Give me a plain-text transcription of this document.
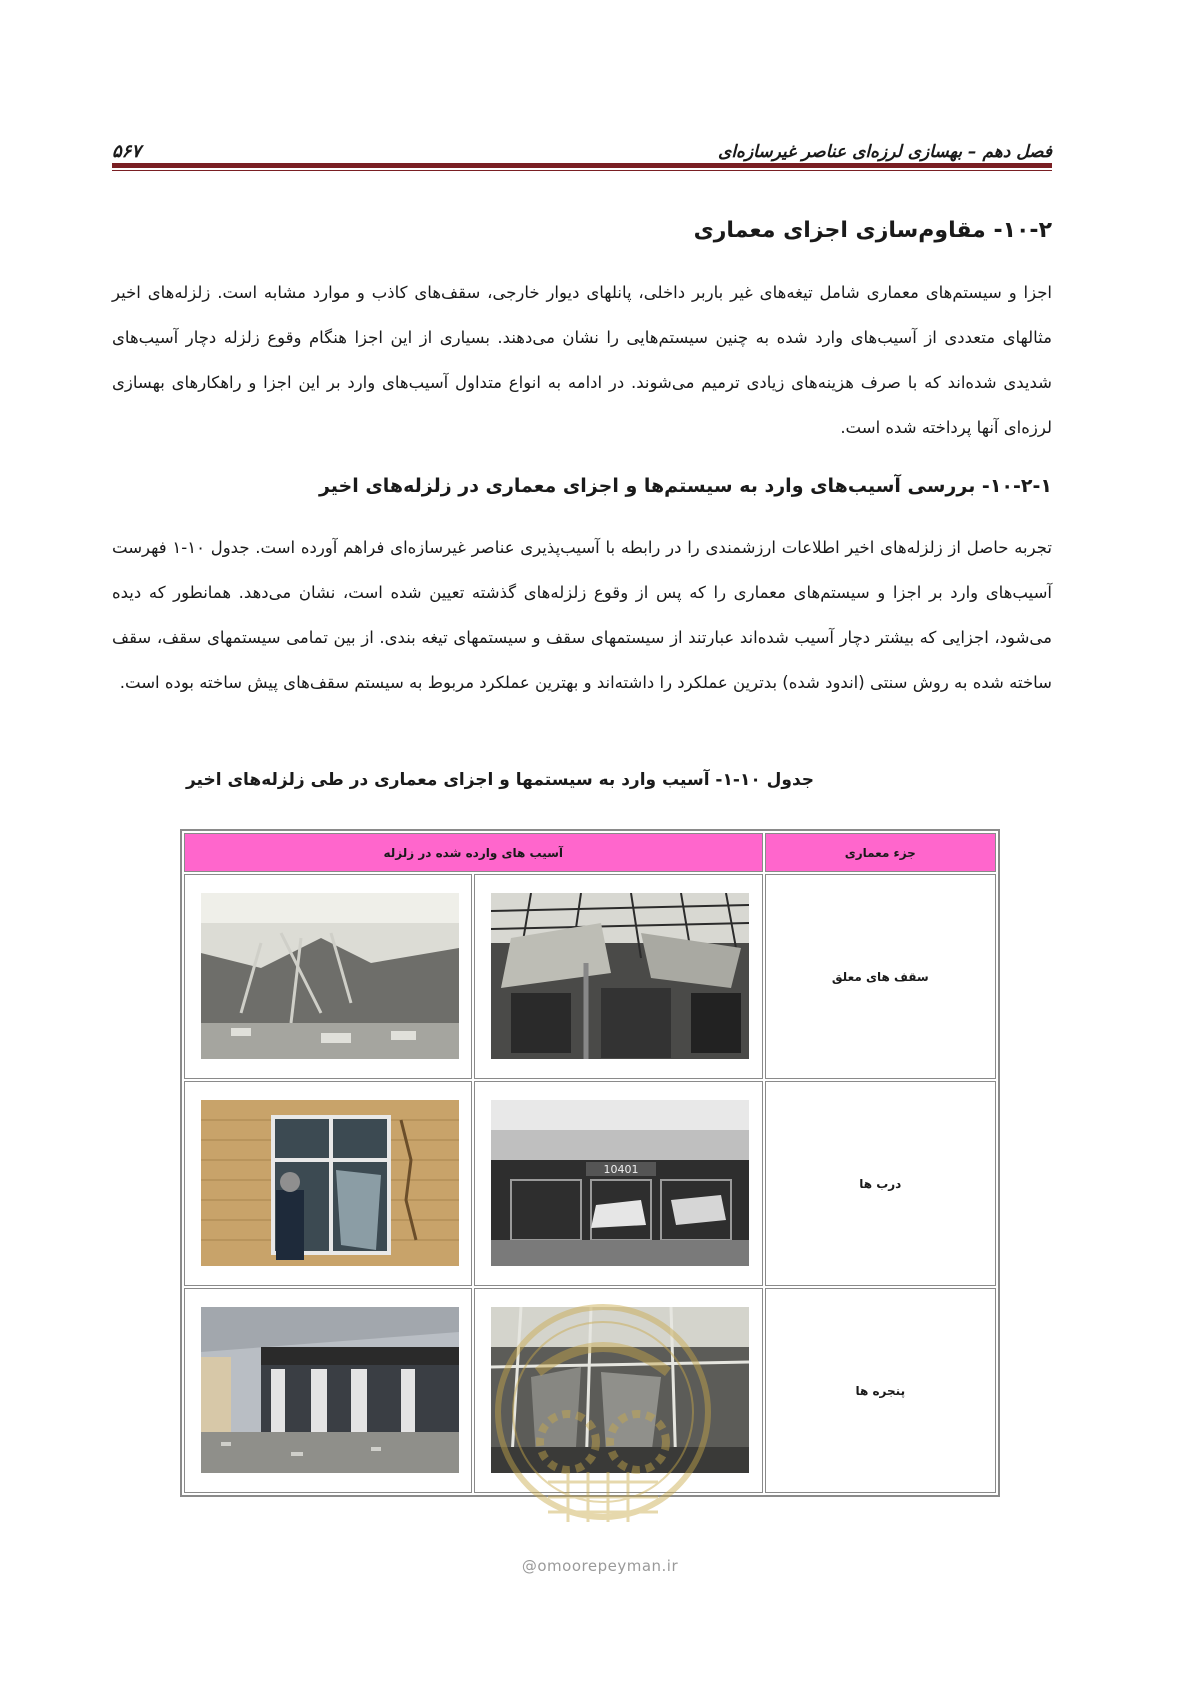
فصل دهم – بهسازی لرزه‌ای عناصر غیرسازه‌ای
۵۶۷
۱۰-۲- مقاوم‌سازی اجزای معماری
اجزا و سیستم‌های معماری شامل تیغه‌های غیر باربر داخلی، پانلهای دیوار خارجی، سقف‌های کاذب و موارد مشابه است. زلزله‌های اخیر مثالهای متعددی از آسیب‌های وارد شده به چنین سیستم‌هایی را نشان می‌دهند. بسیاری از این اجزا هنگام وقوع زلزله دچار آسیب‌های شدیدی شده‌اند که با صرف هزینه‌های زیادی ترمیم می‌شوند. در ادامه به انواع متداول آسیب‌های وارد بر این اجزا و راهکارهای بهسازی لرزه‌ای آنها پرداخته شده است.
۱۰-۲-۱- بررسی آسیب‌های وارد به سیستم‌ها و اجزای معماری در زلزله‌های اخیر
تجربه حاصل از زلزله‌های اخیر اطلاعات ارزشمندی را در رابطه با آسیب‌پذیری عناصر غیرسازه‌ای فراهم آورده است. جدول ۱۰-۱ فهرست آسیب‌های وارد بر اجزا و سیستم‌های معماری را که پس از وقوع زلزله‌های گذشته تعیین شده است، نشان می‌دهد. همانطور که دیده می‌شود، اجزایی که بیشتر دچار آسیب شده‌اند عبارتند از سیستمهای سقف و سیستمهای تیغه بندی. از بین تمامی سیستمهای سقف، سقف ساخته شده به روش سنتی (اندود شده) بدترین عملکرد را داشته‌اند و بهترین عملکرد مربوط به سیستم سقف‌های پیش ساخته بوده است.
جدول ۱۰-۱- آسیب وارد به سیستمها و اجزای معماری در طی زلزله‌های اخیر
جزء معماری	آسیب های وارده شده در زلزله	
سقف های معلق	

درب ها	10401

پنجره ها	

@omoorepeyman.ir
